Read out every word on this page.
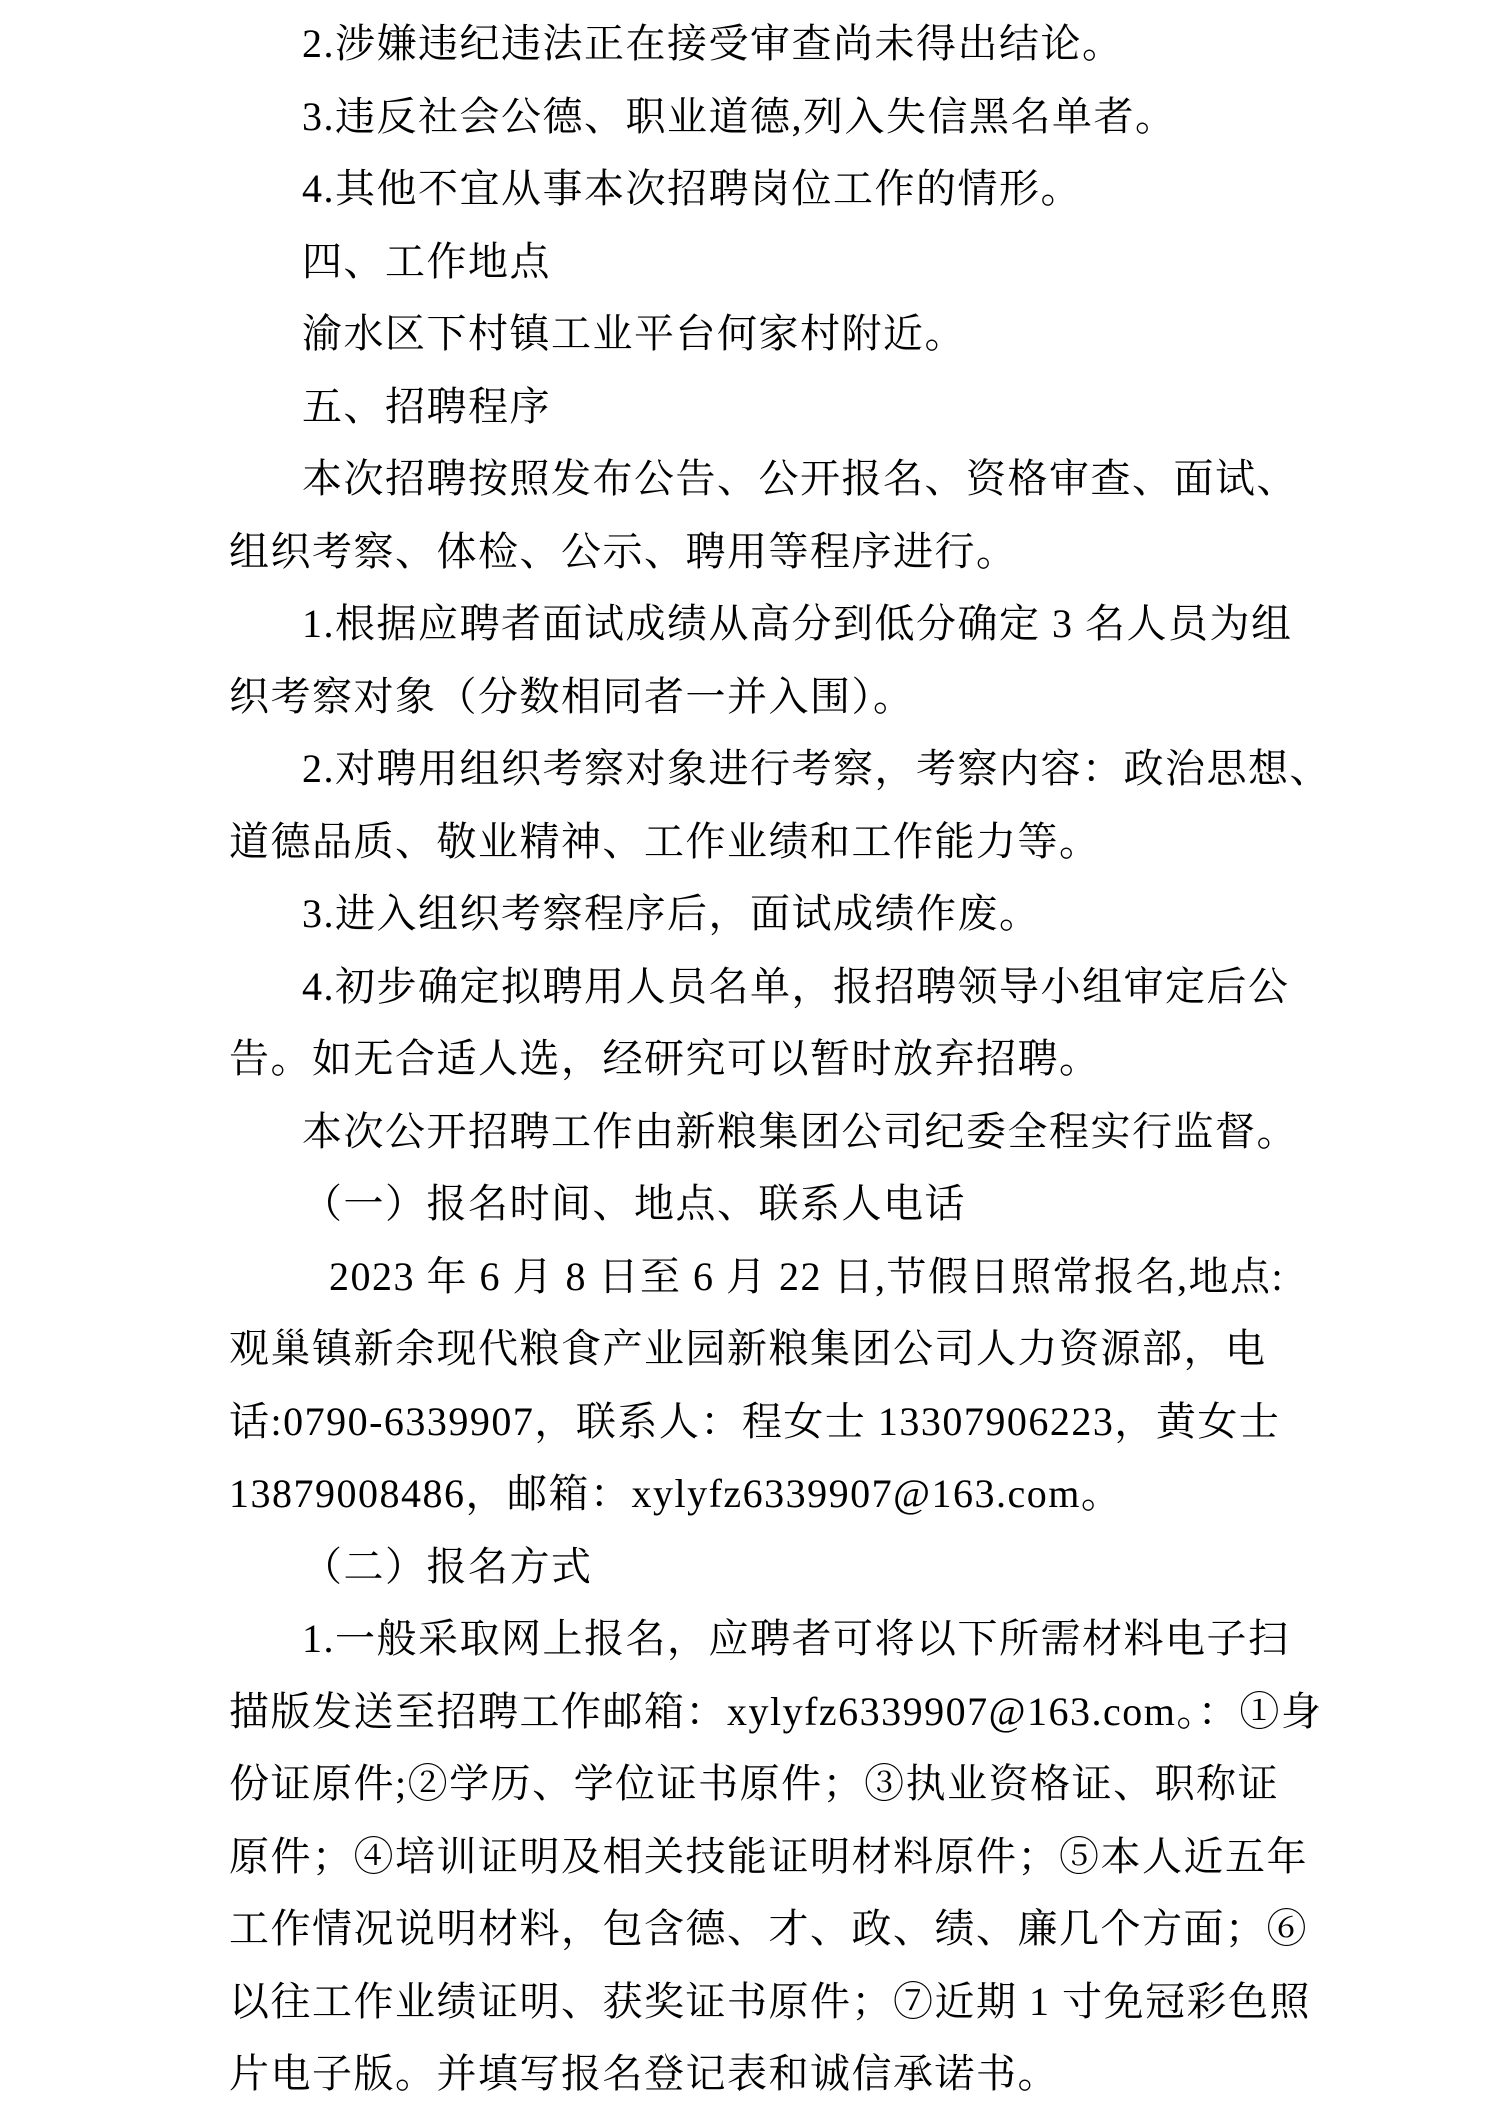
2.涉嫌违纪违法正在接受审查尚未得出结论。
3.违反社会公德、职业道德,列入失信黑名单者。
4.其他不宜从事本次招聘岗位工作的情形。
四、工作地点
渝水区下村镇工业平台何家村附近。
五、招聘程序
本次招聘按照发布公告、公开报名、资格审查、面试、
组织考察、体检、公示、聘用等程序进行。
1.根据应聘者面试成绩从高分到低分确定 3 名人员为组
织考察对象（分数相同者一并入围）。
2.对聘用组织考察对象进行考察，考察内容：政治思想、
道德品质、敬业精神、工作业绩和工作能力等。
3.进入组织考察程序后，面试成绩作废。
4.初步确定拟聘用人员名单，报招聘领导小组审定后公
告。如无合适人选，经研究可以暂时放弃招聘。
本次公开招聘工作由新粮集团公司纪委全程实行监督。
（一）报名时间、地点、联系人电话
2023 年 6 月 8 日至 6 月 22 日,节假日照常报名,地点:
观巢镇新余现代粮食产业园新粮集团公司人力资源部，电
话:0790-6339907，联系人：程女士 13307906223，黄女士
13879008486，邮箱：xylyfz6339907@163.com。
（二）报名方式
1.一般采取网上报名，应聘者可将以下所需材料电子扫
描版发送至招聘工作邮箱：xylyfz6339907@163.com。：①身
份证原件;②学历、学位证书原件；③执业资格证、职称证
原件；④培训证明及相关技能证明材料原件；⑤本人近五年
工作情况说明材料，包含德、才、政、绩、廉几个方面；⑥
以往工作业绩证明、获奖证书原件；⑦近期 1 寸免冠彩色照
片电子版。并填写报名登记表和诚信承诺书。
